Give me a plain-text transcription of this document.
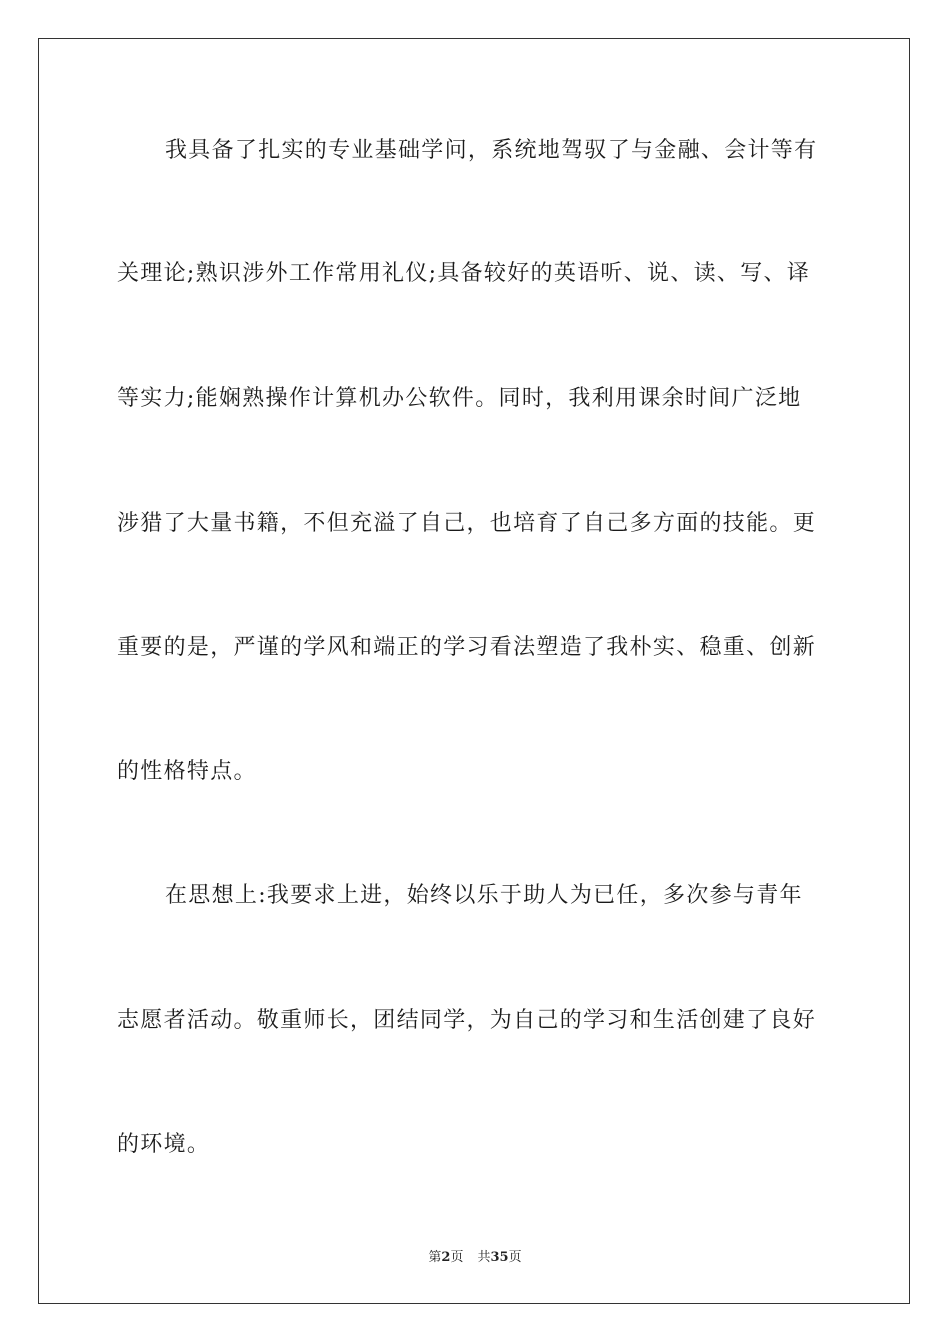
我具备了扎实的专业基础学问，系统地驾驭了与金融、会计等有
关理论;熟识涉外工作常用礼仪;具备较好的英语听、说、读、写、译
等实力;能娴熟操作计算机办公软件。同时，我利用课余时间广泛地
涉猎了大量书籍，不但充溢了自己，也培育了自己多方面的技能。更
重要的是，严谨的学风和端正的学习看法塑造了我朴实、稳重、创新
的性格特点。
在思想上:我要求上进，始终以乐于助人为已任，多次参与青年
志愿者活动。敬重师长，团结同学，为自己的学习和生活创建了良好
的环境。
第2页 共35页
